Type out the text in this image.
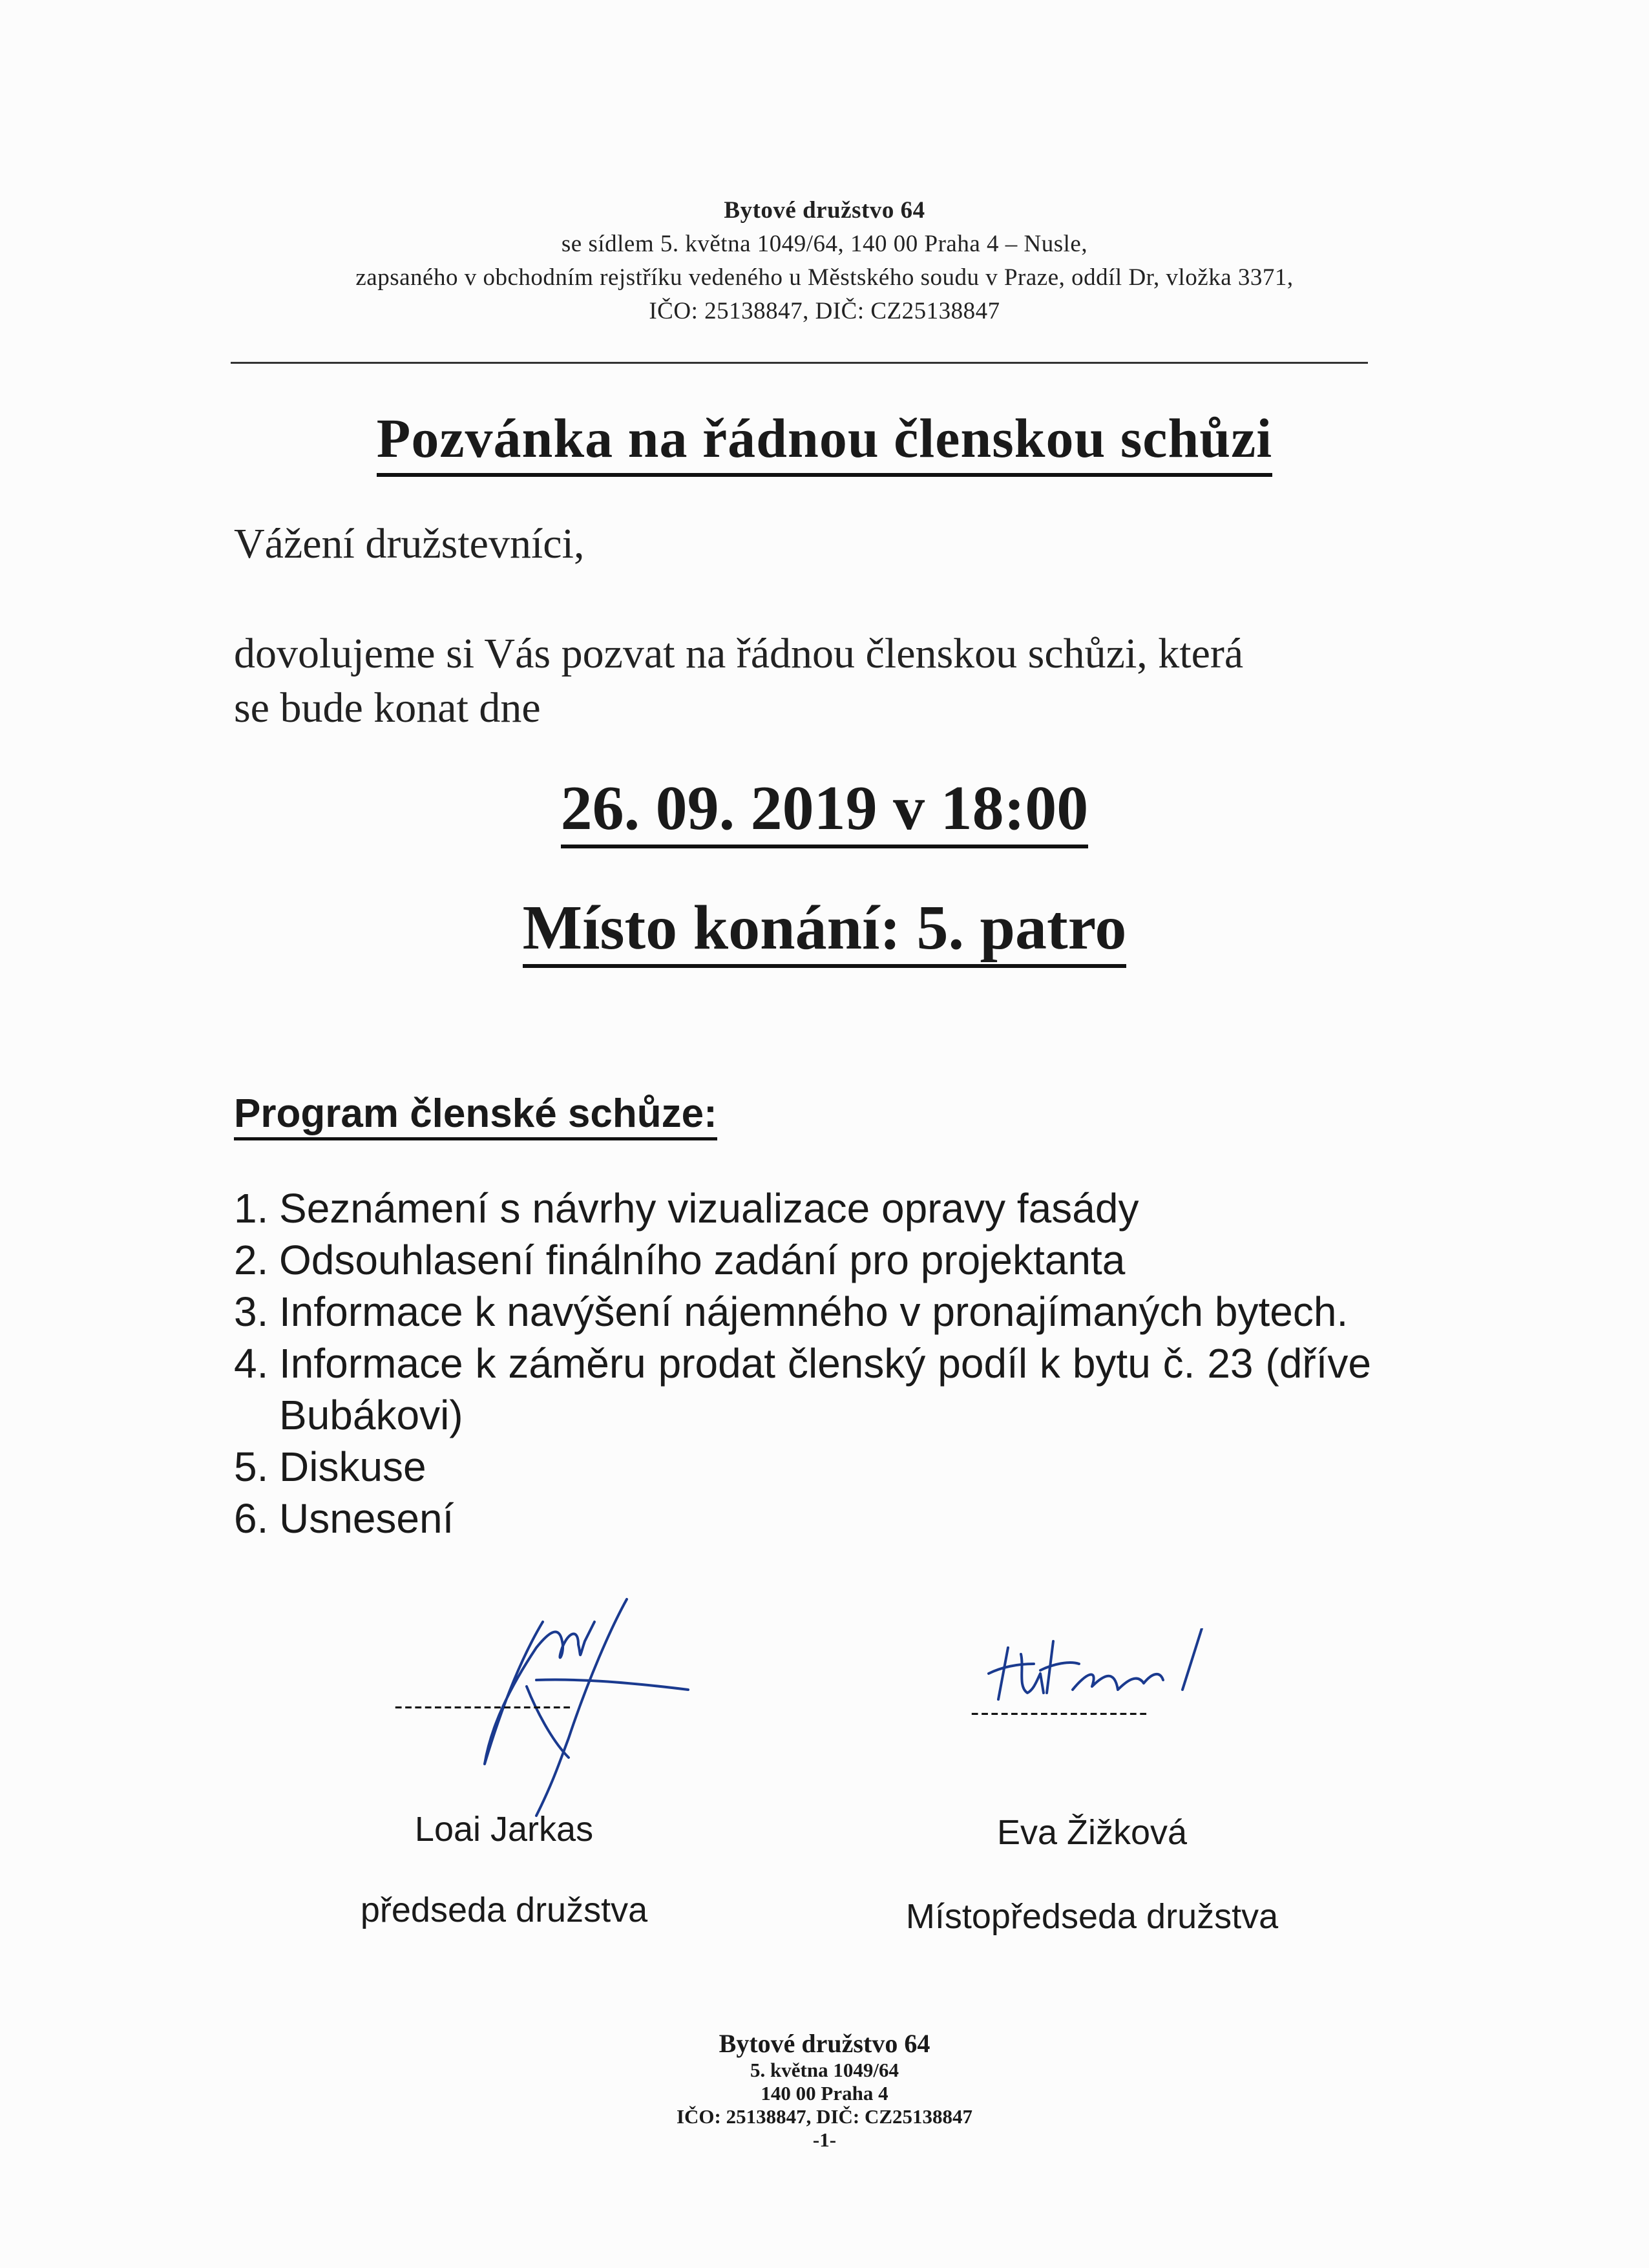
Bytové družstvo 64
se sídlem 5. května 1049/64, 140 00 Praha 4 – Nusle,
zapsaného v obchodním rejstříku vedeného u Městského soudu v Praze, oddíl Dr, vložka 3371,
IČO: 25138847, DIČ: CZ25138847
Pozvánka na řádnou členskou schůzi
Vážení družstevníci,
dovolujeme si Vás pozvat na řádnou členskou schůzi, která
se bude konat dne
26. 09. 2019 v 18:00
Místo konání: 5. patro
Program členské schůze:
1. Seznámení s návrhy vizualizace opravy fasády
2. Odsouhlasení finálního zadání pro projektanta
3. Informace k navýšení nájemného v pronajímaných bytech.
4. Informace k záměru prodat členský podíl k bytu č. 23 (dříve Bubákovi)
5. Diskuse
6. Usnesení
------------------	------------------
Loai Jarkas
předseda družstva
Eva Žižková
Místopředseda družstva
Bytové družstvo 64
5. května 1049/64
140 00 Praha 4
IČO: 25138847, DIČ: CZ25138847
-1-
